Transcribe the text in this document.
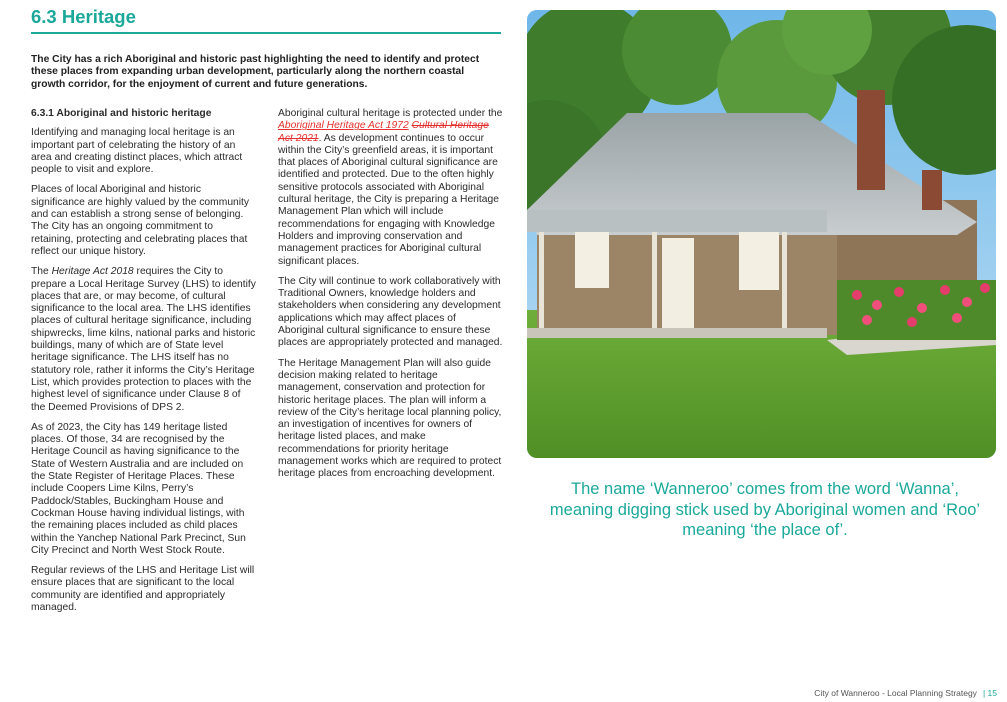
6.3 Heritage
The City has a rich Aboriginal and historic past highlighting the need to identify and protect these places from expanding urban development, particularly along the northern coastal growth corridor, for the enjoyment of current and future generations.

6.3.1 Aboriginal and historic heritage

Identifying and managing local heritage is an important part of celebrating the history of an area and creating distinct places, which attract people to visit and explore.

Places of local Aboriginal and historic significance are highly valued by the community and can establish a strong sense of belonging. The City has an ongoing commitment to retaining, protecting and celebrating places that reflect our unique history.

The Heritage Act 2018 requires the City to prepare a Local Heritage Survey (LHS) to identify places that are, or may become, of cultural significance to the local area. The LHS identifies places of cultural heritage significance, including shipwrecks, lime kilns, national parks and historic buildings, many of which are of State level heritage significance. The LHS itself has no statutory role, rather it informs the City’s Heritage List, which provides protection to places with the highest level of significance under Clause 8 of the Deemed Provisions of DPS 2.

As of 2023, the City has 149 heritage listed places. Of those, 34 are recognised by the Heritage Council as having significance to the State of Western Australia and are included on the State Register of Heritage Places. These include Coopers Lime Kilns, Perry’s Paddock/Stables, Buckingham House and Cockman House having individual listings, with the remaining places included as child places within the Yanchep National Park Precinct, Sun City Precinct and North West Stock Route.

Regular reviews of the LHS and Heritage List will ensure places that are significant to the local community are identified and appropriately managed.

Aboriginal cultural heritage is protected under the Aboriginal Heritage Act 1972 Cultural Heritage Act 2021. As development continues to occur within the City’s greenfield areas, it is important that places of Aboriginal cultural significance are identified and protected. Due to the often highly sensitive protocols associated with Aboriginal cultural heritage, the City is preparing a Heritage Management Plan which will include recommendations for engaging with Knowledge Holders and improving conservation and management practices for Aboriginal cultural significant places.

The City will continue to work collaboratively with Traditional Owners, knowledge holders and stakeholders when considering any development applications which may affect places of Aboriginal cultural significance to ensure these places are appropriately protected and managed.

The Heritage Management Plan will also guide decision making related to heritage management, conservation and protection for historic heritage places. The plan will inform a review of the City’s heritage local planning policy, an investigation of incentives for owners of heritage listed places, and make recommendations for priority heritage management works which are required to protect heritage places from encroaching development.

The name ‘Wanneroo’ comes from the word ‘Wanna’, meaning digging stick used by Aboriginal women and ‘Roo’ meaning ‘the place of’.
City of Wanneroo - Local Planning Strategy | 15
